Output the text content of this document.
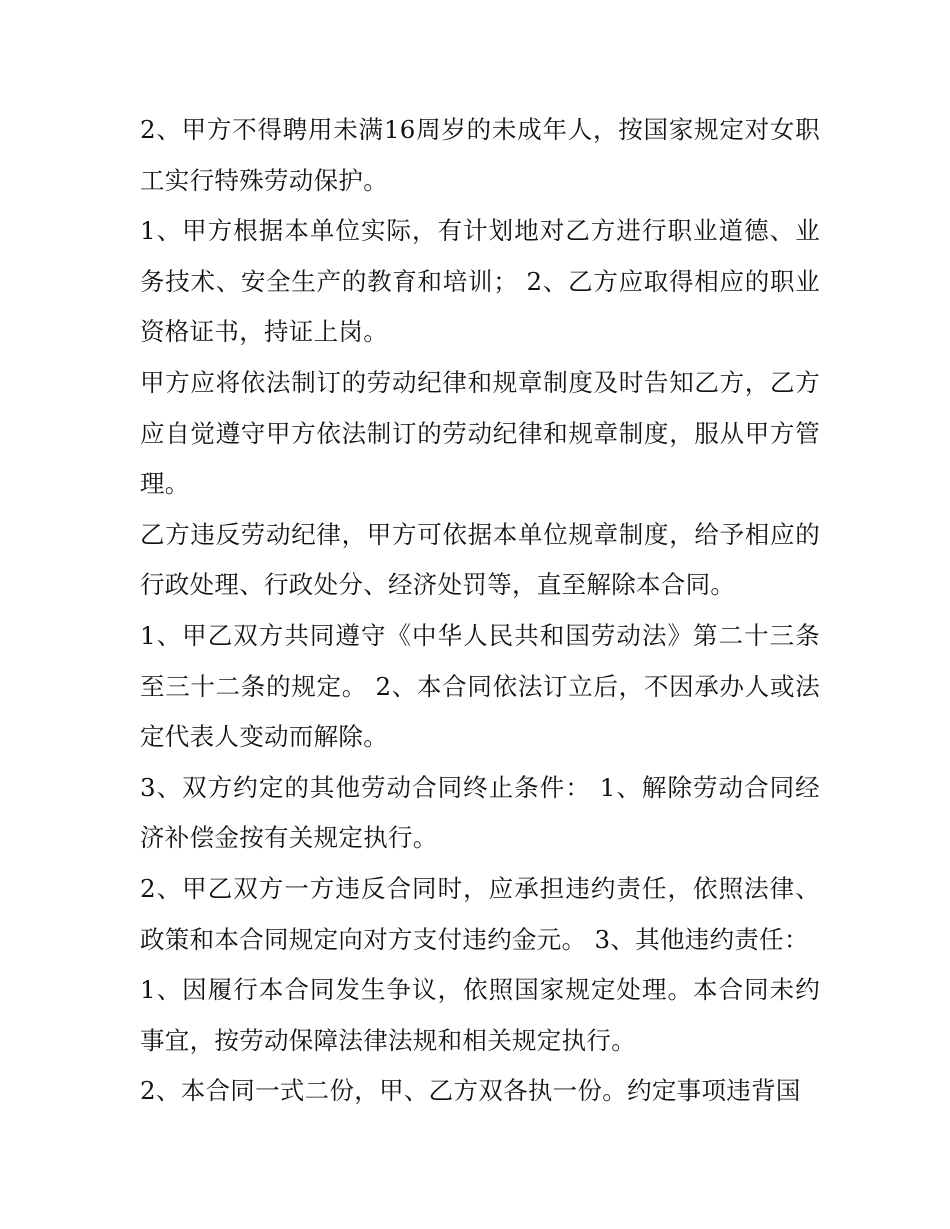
2、甲方不得聘用未满16周岁的未成年人，按国家规定对女职工实行特殊劳动保护。

1、甲方根据本单位实际，有计划地对乙方进行职业道德、业务技术、安全生产的教育和培训； 2、乙方应取得相应的职业资格证书，持证上岗。

甲方应将依法制订的劳动纪律和规章制度及时告知乙方，乙方应自觉遵守甲方依法制订的劳动纪律和规章制度，服从甲方管理。

乙方违反劳动纪律，甲方可依据本单位规章制度，给予相应的行政处理、行政处分、经济处罚等，直至解除本合同。

1、甲乙双方共同遵守《中华人民共和国劳动法》第二十三条至三十二条的规定。 2、本合同依法订立后，不因承办人或法定代表人变动而解除。

3、双方约定的其他劳动合同终止条件： 1、解除劳动合同经济补偿金按有关规定执行。

2、甲乙双方一方违反合同时，应承担违约责任，依照法律、政策和本合同规定向对方支付违约金元。 3、其他违约责任：

1、因履行本合同发生争议，依照国家规定处理。本合同未约事宜，按劳动保障法律法规和相关规定执行。

2、本合同一式二份，甲、乙方双各执一份。约定事项违背国
